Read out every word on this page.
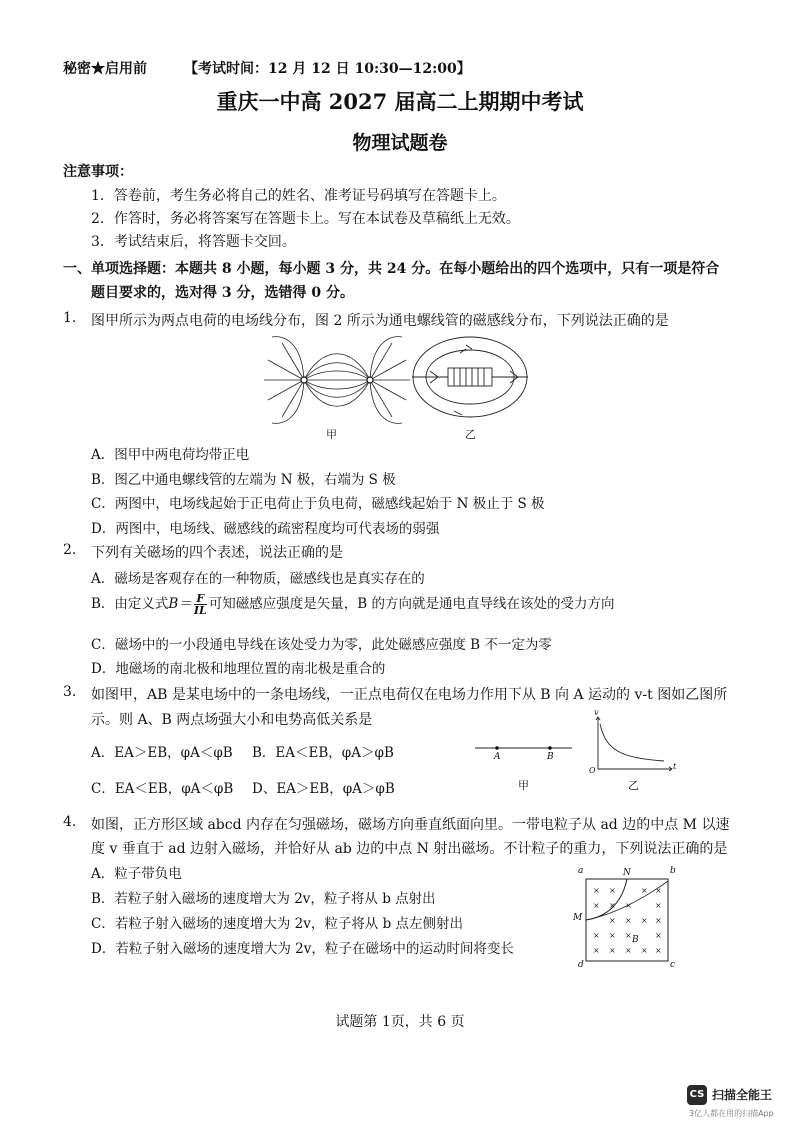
秘密★启用前	【考试时间：12 月 12 日 10:30—12:00】
重庆一中高 2027 届高二上期期中考试
物理试题卷
注意事项：
1．答卷前，考生务必将自己的姓名、准考证号码填写在答题卡上。
2．作答时，务必将答案写在答题卡上。写在本试卷及草稿纸上无效。
3．考试结束后，将答题卡交回。
一、单项选择题：本题共 8 小题，每小题 3 分，共 24 分。在每小题给出的四个选项中，只有一项是符合
题目要求的，选对得 3 分，选错得 0 分。
1. 图甲所示为两点电荷的电场线分布，图 2 所示为通电螺线管的磁感线分布，下列说法正确的是
甲	乙
A．图甲中两电荷均带正电
B．图乙中通电螺线管的左端为 N 极，右端为 S 极
C．两图中，电场线起始于正电荷止于负电荷，磁感线起始于 N 极止于 S 极
D．两图中，电场线、磁感线的疏密程度均可代表场的弱强
2. 下列有关磁场的四个表述，说法正确的是
A．磁场是客观存在的一种物质，磁感线也是真实存在的
B．由定义式$B= \frac{F}{IL}$ 可知磁感应强度是矢量，B 的方向就是通电直导线在该处的受力方向
C．磁场中的一小段通电导线在该处受力为零，此处磁感应强度 B 不一定为零
D．地磁场的南北极和地理位置的南北极是重合的
3. 如图甲，AB 是某电场中的一条电场线，一正点电荷仅在电场力作用下从 B 向 A 运动的 v-t 图如乙图所
示。则 A、B 两点场强大小和电势高低关系是
A．EA＞EB，φA＜φB B．EA＜EB，φA＞φB
C．EA＜EB，φA＜φB D、EA＞EB，φA＞φB
A	B
甲
v
t
O
乙
4. 如图，正方形区域 abcd 内存在匀强磁场，磁场方向垂直纸面向里。一带电粒子从 ad 边的中点 M 以速
度 v 垂直于 ad 边射入磁场，并恰好从 ab 边的中点 N 射出磁场。不计粒子的重力，下列说法正确的是
A．粒子带负电
B．若粒子射入磁场的速度增大为 2v，粒子将从 b 点射出
C．若粒子射入磁场的速度增大为 2v，粒子将从 b 点左侧射出
D．若粒子射入磁场的速度增大为 2v，粒子在磁场中的运动时间将变长
× ×	× ×
× × ×	×
× × × ×
× × ×	×
× × × × ×
a	b
c
d
M
N
B
试题第 1页，共 6 页
CS 扫描全能王
3亿人都在用的扫描App
